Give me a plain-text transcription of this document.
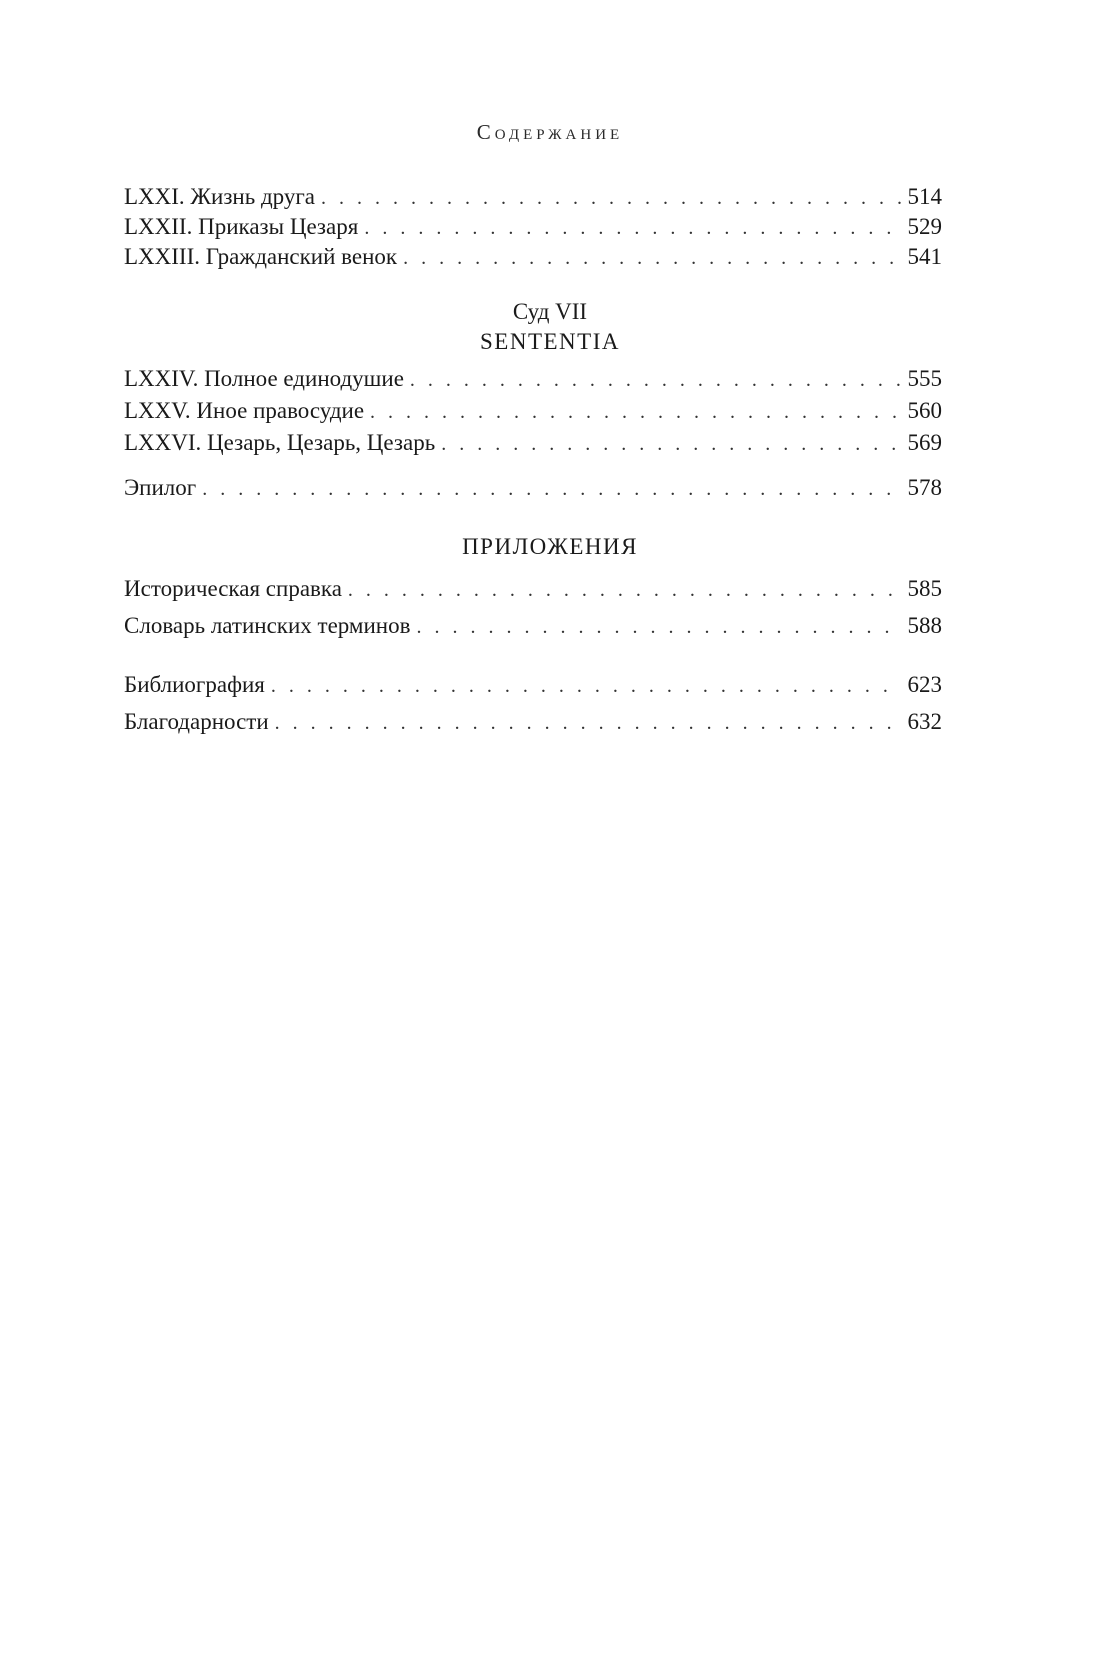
Содержание
LXXI. Жизнь друга . . .	514
LXXII. Приказы Цезаря . . .	529
LXXIII. Гражданский венок . . .	541
Суд VII
SENTENTIA
LXXIV. Полное единодушие . . .	555
LXXV. Иное правосудие . . .	560
LXXVI. Цезарь, Цезарь, Цезарь . . .	569
Эпилог . . .	578
ПРИЛОЖЕНИЯ
Историческая справка . . .	585
Словарь латинских терминов . . .	588
Библиография . . .	623
Благодарности . . .	632
